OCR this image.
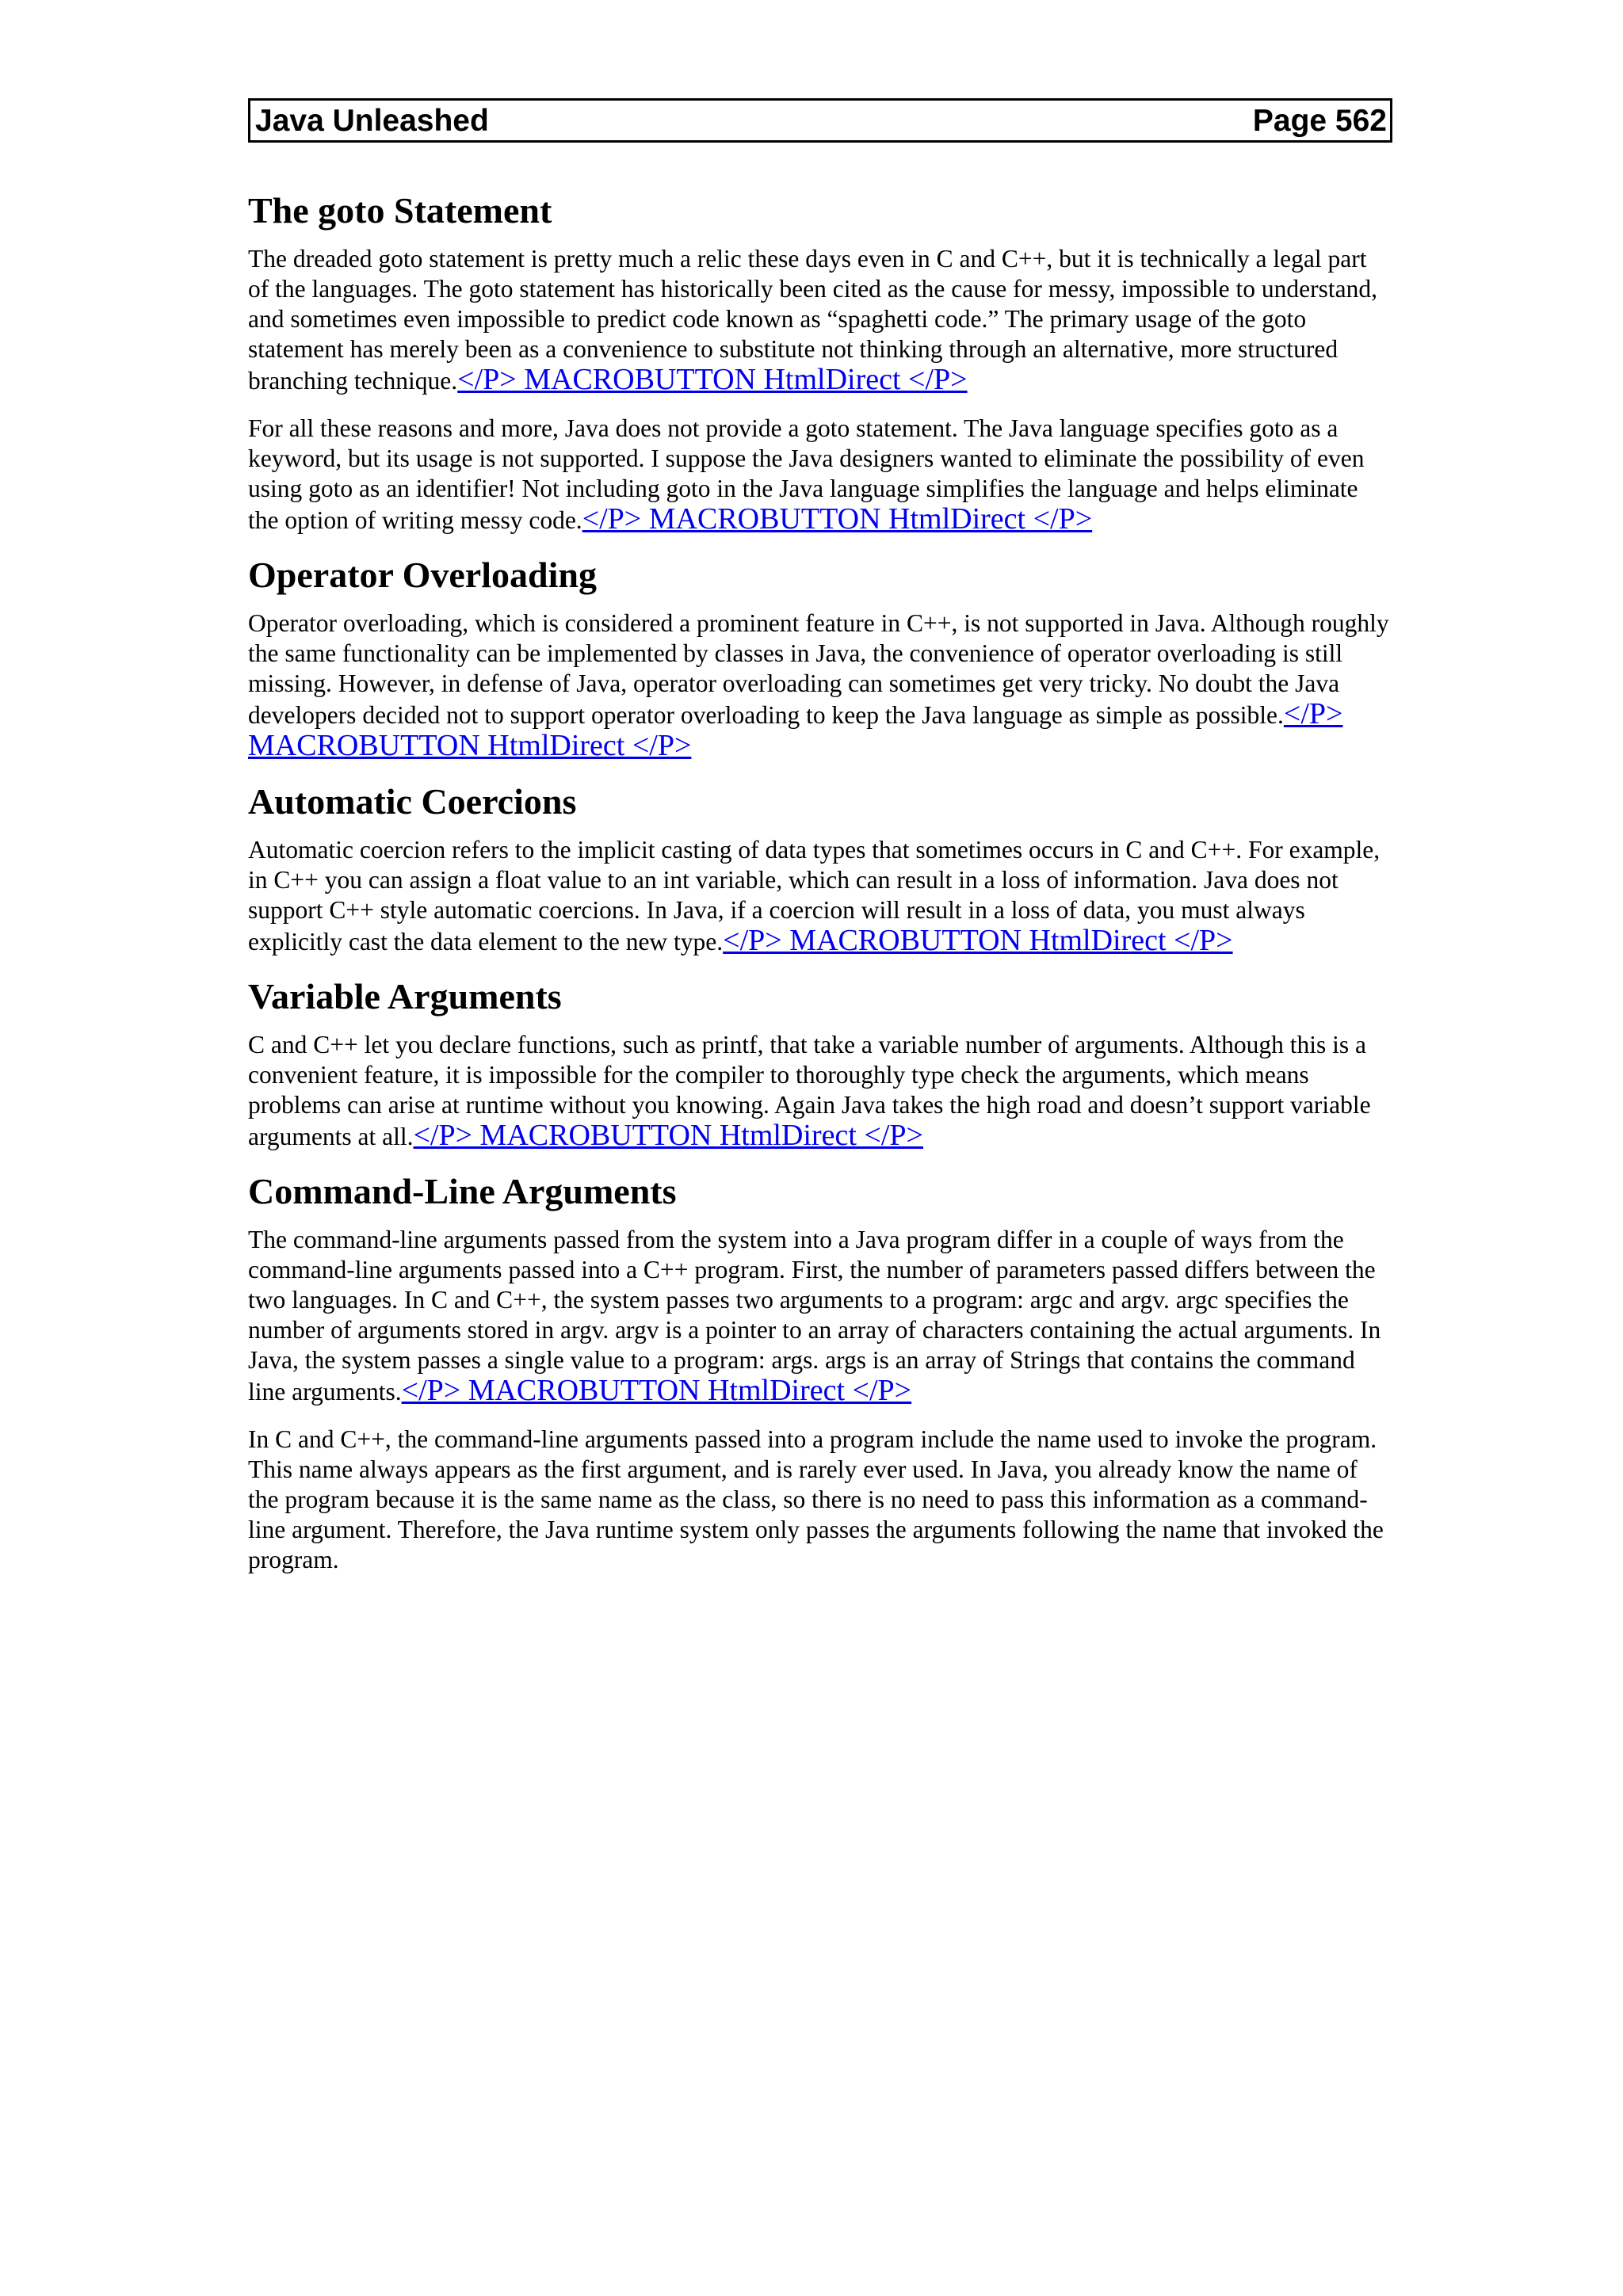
Java Unleashed	Page 562
The goto Statement

The dreaded goto statement is pretty much a relic these days even in C and C++, but it is technically a legal part of the languages. The goto statement has historically been cited as the cause for messy, impossible to understand, and sometimes even impossible to predict code known as “spaghetti code.” The primary usage of the goto statement has merely been as a convenience to substitute not thinking through an alternative, more structured branching technique.</P> MACROBUTTON HtmlDirect </P>

For all these reasons and more, Java does not provide a goto statement. The Java language specifies goto as a keyword, but its usage is not supported. I suppose the Java designers wanted to eliminate the possibility of even using goto as an identifier! Not including goto in the Java language simplifies the language and helps eliminate the option of writing messy code.</P> MACROBUTTON HtmlDirect </P>

Operator Overloading

Operator overloading, which is considered a prominent feature in C++, is not supported in Java. Although roughly the same functionality can be implemented by classes in Java, the convenience of operator overloading is still missing. However, in defense of Java, operator overloading can sometimes get very tricky. No doubt the Java developers decided not to support operator overloading to keep the Java language as simple as possible.</P> MACROBUTTON HtmlDirect </P>

Automatic Coercions

Automatic coercion refers to the implicit casting of data types that sometimes occurs in C and C++. For example, in C++ you can assign a float value to an int variable, which can result in a loss of information. Java does not support C++ style automatic coercions. In Java, if a coercion will result in a loss of data, you must always explicitly cast the data element to the new type.</P> MACROBUTTON HtmlDirect </P>

Variable Arguments

C and C++ let you declare functions, such as printf, that take a variable number of arguments. Although this is a convenient feature, it is impossible for the compiler to thoroughly type check the arguments, which means problems can arise at runtime without you knowing. Again Java takes the high road and doesn’t support variable arguments at all.</P> MACROBUTTON HtmlDirect </P>

Command-Line Arguments

The command-line arguments passed from the system into a Java program differ in a couple of ways from the command-line arguments passed into a C++ program. First, the number of parameters passed differs between the two languages. In C and C++, the system passes two arguments to a program: argc and argv. argc specifies the number of arguments stored in argv. argv is a pointer to an array of characters containing the actual arguments. In Java, the system passes a single value to a program: args. args is an array of Strings that contains the command line arguments.</P> MACROBUTTON HtmlDirect </P>

In C and C++, the command-line arguments passed into a program include the name used to invoke the program. This name always appears as the first argument, and is rarely ever used. In Java, you already know the name of the program because it is the same name as the class, so there is no need to pass this information as a command-line argument. Therefore, the Java runtime system only passes the arguments following the name that invoked the program.
